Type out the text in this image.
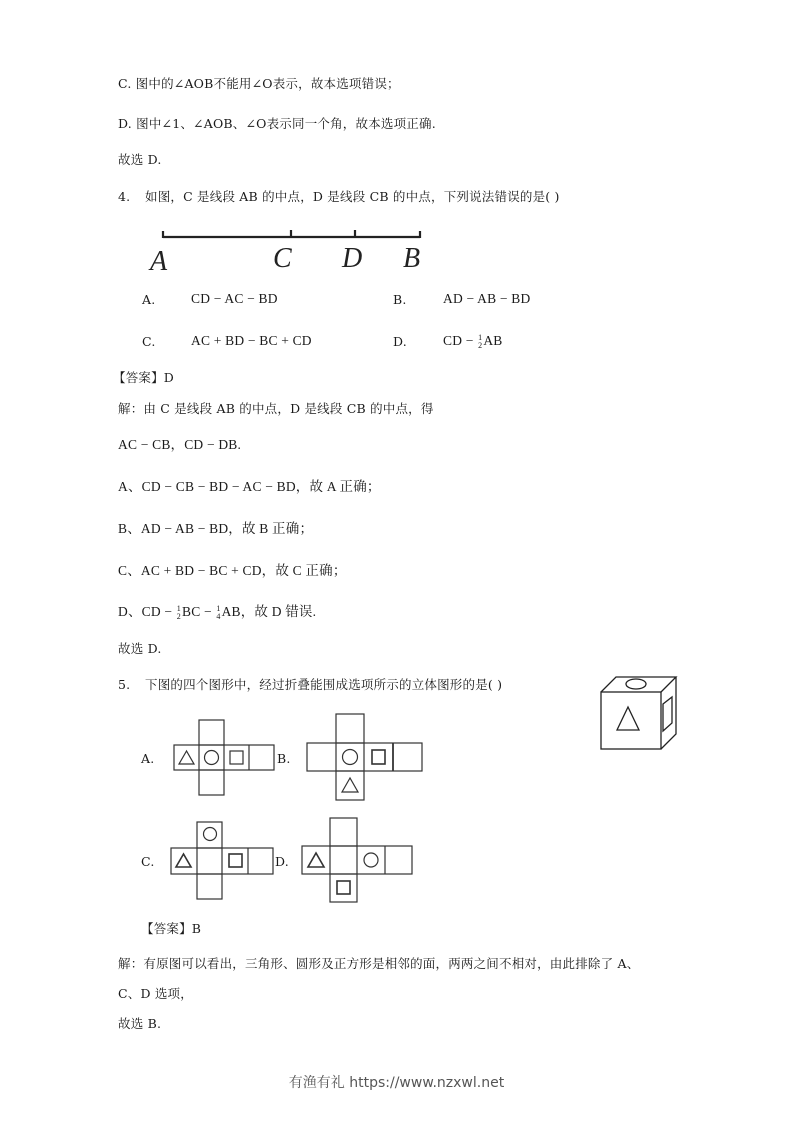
C. 图中的∠AOB不能用∠O表示，故本选项错误；
D. 图中∠1、∠AOB、∠O表示同一个角，故本选项正确.
故选 D.
4. 如图，C 是线段 AB 的中点，D 是线段 CB 的中点，下列说法错误的是( )
A	C D B
A.	CD − AC − BD	B.	AD − AB − BD
C.	AC + BD − BC + CD	D.	CD − 1
2 AB
【答案】D
解：由 C 是线段 AB 的中点，D 是线段 CB 的中点，得
AC − CB，CD − DB.
A、CD − CB − BD − AC − BD，故 A 正确；
B、AD − AB − BD，故 B 正确；
C、AC + BD − BC + CD，故 C 正确；
D、CD − 1
2 BC − 1
4 AB，故 D 错误.
故选 D.
5. 下图的四个图形中，经过折叠能围成选项所示的立体图形的是( )
A.	B.
C.	D.
【答案】B
解：有原图可以看出，三角形、圆形及正方形是相邻的面，两两之间不相对，由此排除了 A、
C、D 选项，
故选 B.
有渔有礼 https://www.nzxwl.net
